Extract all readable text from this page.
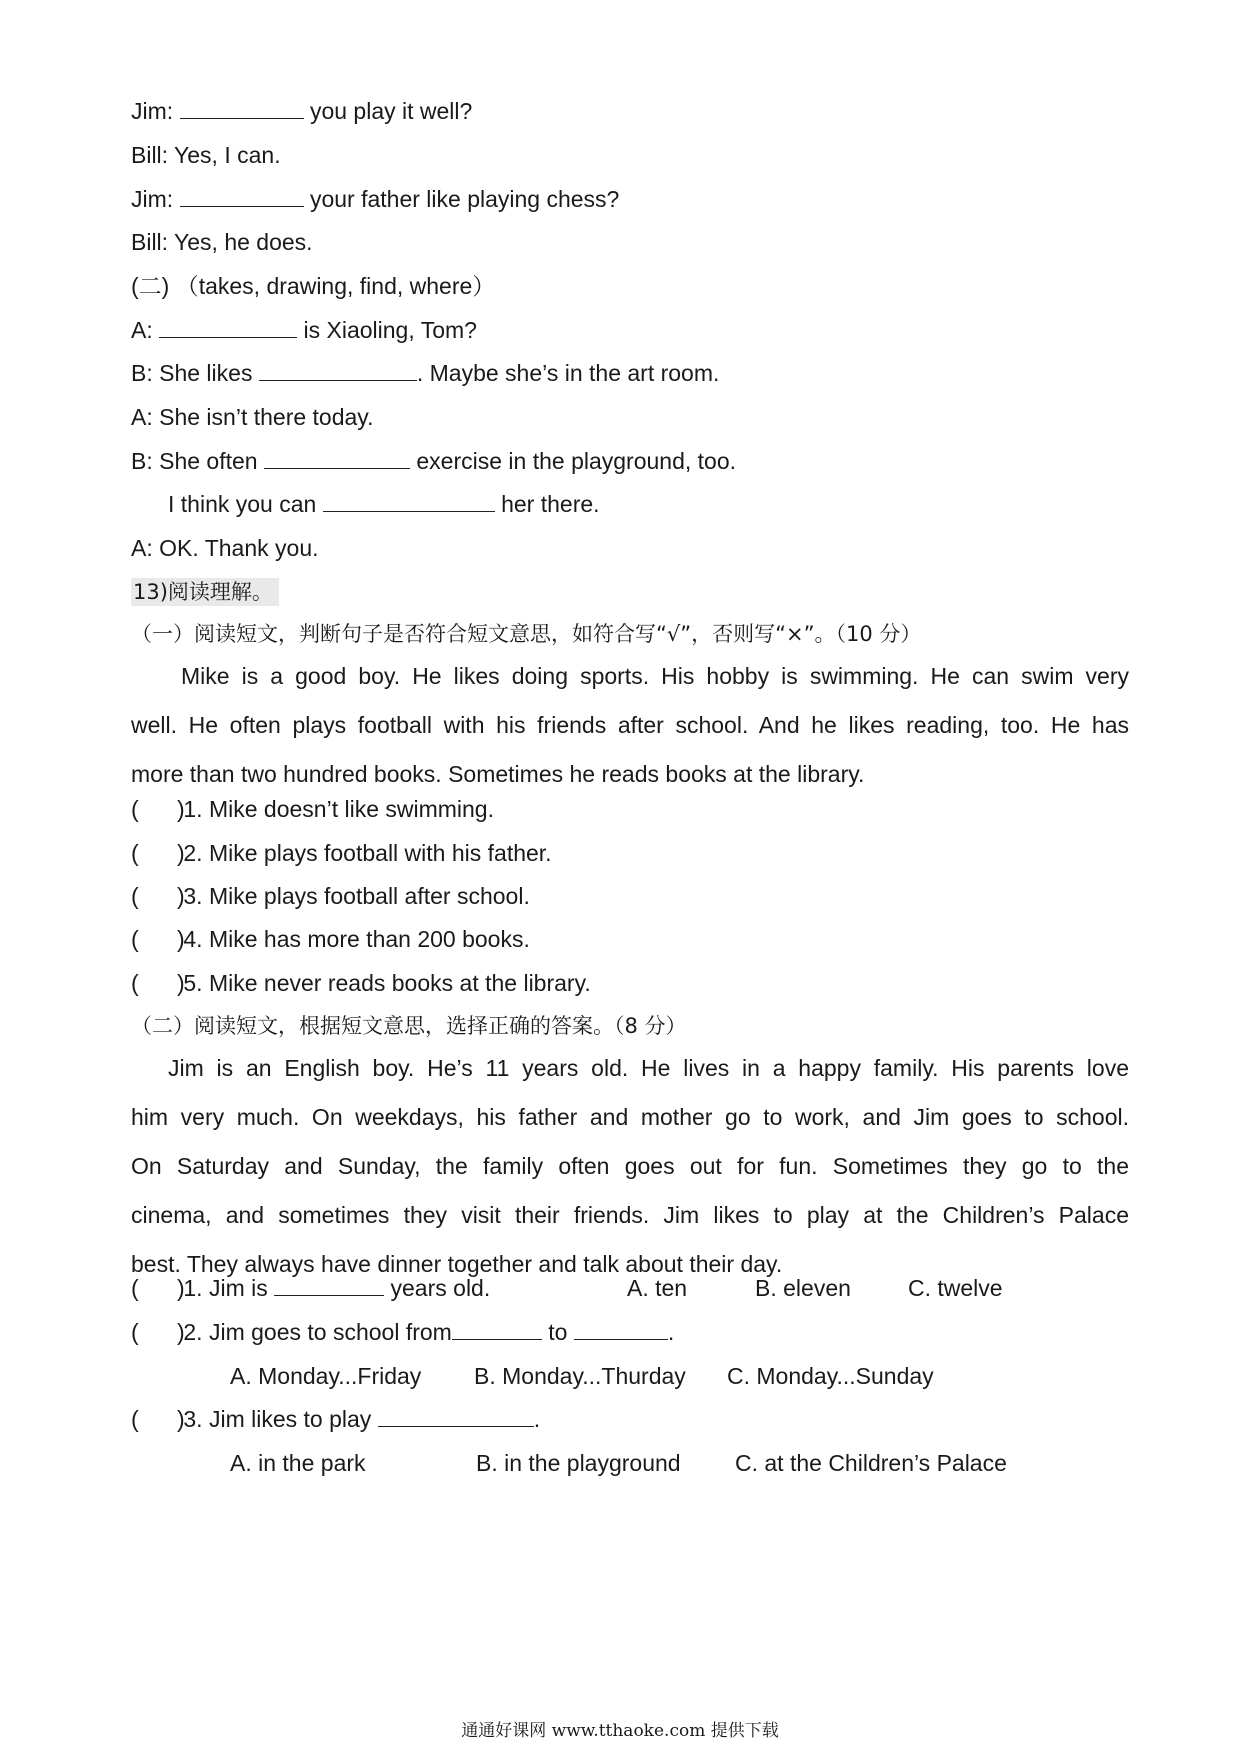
Jim:	you play it well?
Bill: Yes, I can.
Jim:	your father like playing chess?
Bill: Yes, he does.
(二) （takes, drawing, find, where）
A:	is Xiaoling, Tom?
B: She likes	. Maybe she’s in the art room.
A: She isn’t there today.
B: She often	exercise in the playground, too.
I think you can	her there.
A: OK. Thank you.
13)阅读理解。
（一）阅读短文，判断句子是否符合短文意思，如符合写“√”，否则写“×”。（10 分）
Mike is a good boy. He likes doing sports. His hobby is swimming. He can swim very
well. He often plays football with his friends after school. And he likes reading, too. He has
more than two hundred books. Sometimes he reads books at the library.
(      ) 1. Mike doesn’t like swimming.
(      ) 2. Mike plays football with his father.
(      ) 3. Mike plays football after school.
(      ) 4. Mike has more than 200 books.
(      ) 5. Mike never reads books at the library.
（二）阅读短文，根据短文意思，选择正确的答案。（8 分）
Jim is an English boy. He’s 11 years old. He lives in a happy family. His parents love
him very much. On weekdays, his father and mother go to work, and Jim goes to school.
On Saturday and Sunday, the family often goes out for fun. Sometimes they go to the
cinema, and sometimes they visit their friends. Jim likes to play at the Children’s Palace
best. They always have dinner together and talk about their day.
(      ) 1. Jim is	years old.	A. ten	B. eleven C. twelve
(      ) 2. Jim goes to school from	to	.
A. Monday...Friday B. Monday...Thurday C. Monday...Sunday
(      ) 3. Jim likes to play	.
A. in the park	B. in the playground C. at the Children’s Palace
通通好课网 www.tthaoke.com 提供下载
